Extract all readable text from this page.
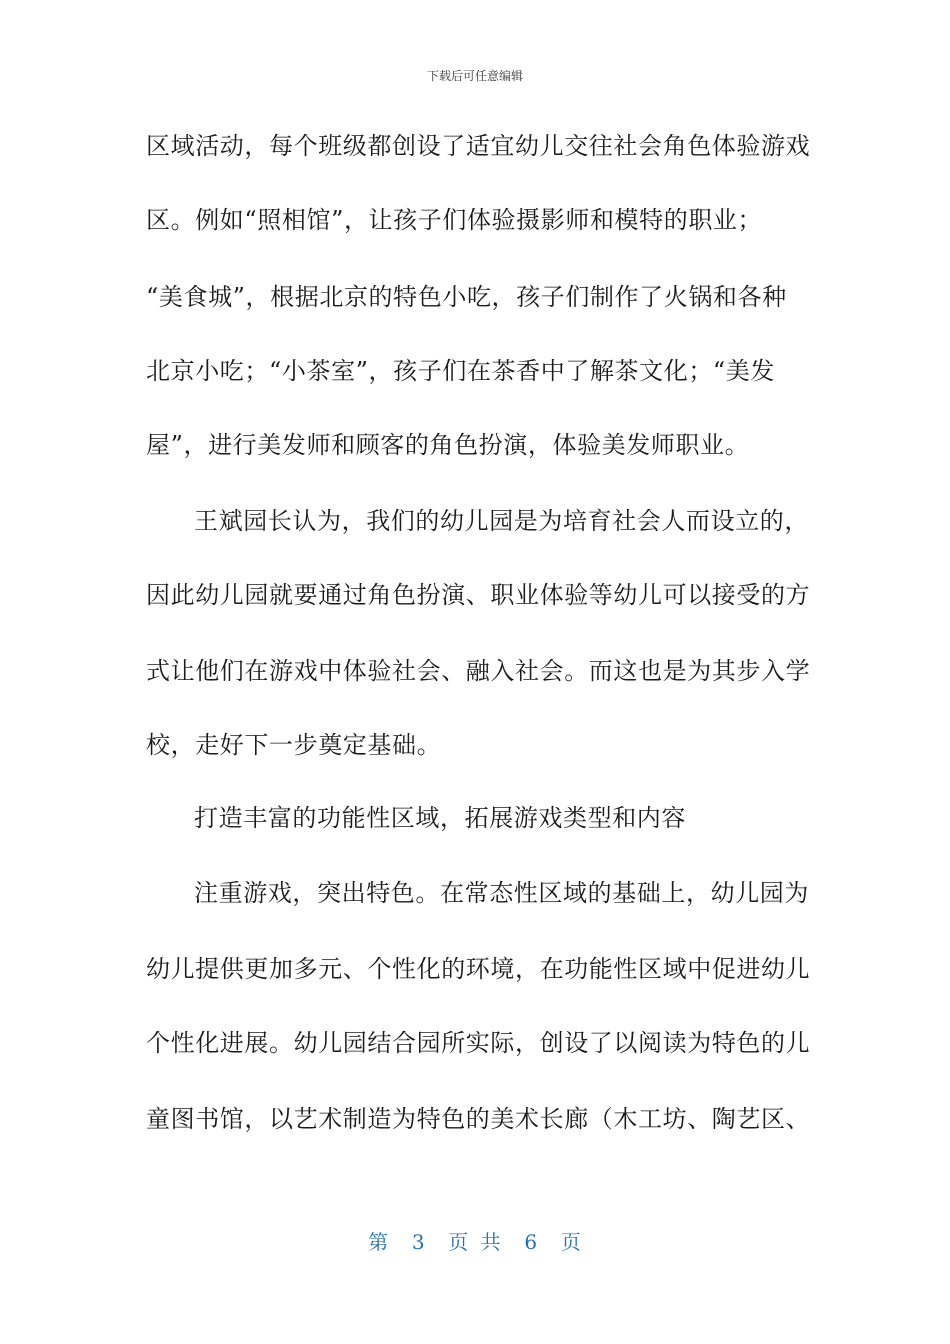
下载后可任意编辑
区域活动，每个班级都创设了适宜幼儿交往社会角色体验游戏
区。例如“照相馆”，让孩子们体验摄影师和模特的职业；
“美食城”，根据北京的特色小吃，孩子们制作了火锅和各种
北京小吃；“小茶室”，孩子们在茶香中了解茶文化；“美发
屋”，进行美发师和顾客的角色扮演，体验美发师职业。
王斌园长认为，我们的幼儿园是为培育社会人而设立的，
因此幼儿园就要通过角色扮演、职业体验等幼儿可以接受的方
式让他们在游戏中体验社会、融入社会。而这也是为其步入学
校，走好下一步奠定基础。
打造丰富的功能性区域，拓展游戏类型和内容
注重游戏，突出特色。在常态性区域的基础上，幼儿园为
幼儿提供更加多元、个性化的环境，在功能性区域中促进幼儿
个性化进展。幼儿园结合园所实际，创设了以阅读为特色的儿
童图书馆，以艺术制造为特色的美术长廊（木工坊、陶艺区、
第  3  页 共  6  页
